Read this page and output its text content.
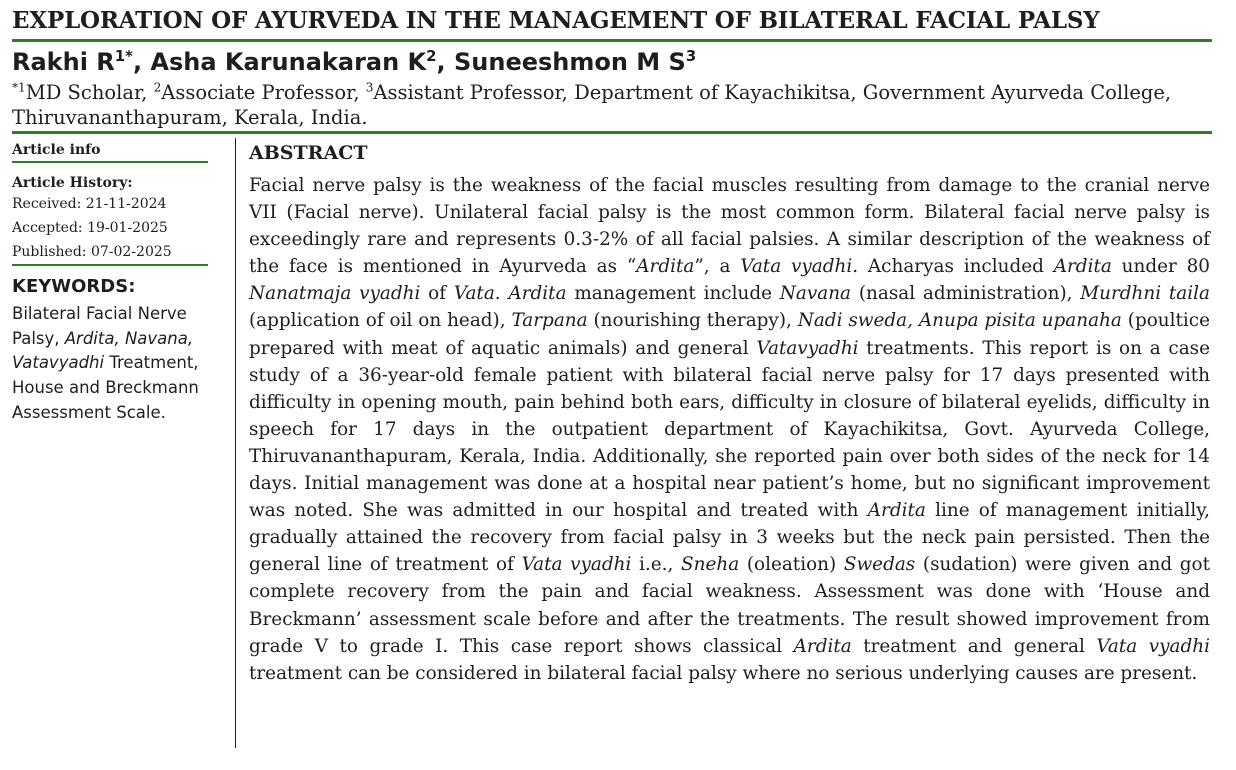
EXPLORATION OF AYURVEDA IN THE MANAGEMENT OF BILATERAL FACIAL PALSY
Rakhi $R^{1*}$, Asha Karunakaran $K^2$, Suneeshmon M $S^3$
$^{*1}$MD Scholar, $^2$Associate Professor, $^3$Assistant Professor, Department of Kayachikitsa, Government Ayurveda College, Thiruvananthapuram, Kerala, India.
Article info
Article History:
Received: 21-11-2024
Accepted: 19-01-2025
Published: 07-02-2025
KEYWORDS:
Bilateral Facial Nerve Palsy, Ardita, Navana, Vatavyadhi Treatment, House and Breckmann Assessment Scale.
ABSTRACT
Facial nerve palsy is the weakness of the facial muscles resulting from damage to the cranial nerve VII (Facial nerve). Unilateral facial palsy is the most common form. Bilateral facial nerve palsy is exceedingly rare and represents 0.3-2% of all facial palsies. A similar description of the weakness of the face is mentioned in Ayurveda as “Ardita”, a Vata vyadhi. Acharyas included Ardita under 80 Nanatmaja vyadhi of Vata. Ardita management include Navana (nasal administration), Murdhni taila (application of oil on head), Tarpana (nourishing therapy), Nadi sweda, Anupa pisita upanaha (poultice prepared with meat of aquatic animals) and general Vatavyadhi treatments. This report is on a case study of a 36-year-old female patient with bilateral facial nerve palsy for 17 days presented with difficulty in opening mouth, pain behind both ears, difficulty in closure of bilateral eyelids, difficulty in speech for 17 days in the outpatient department of Kayachikitsa, Govt. Ayurveda College, Thiruvananthapuram, Kerala, India. Additionally, she reported pain over both sides of the neck for 14 days. Initial management was done at a hospital near patient’s home, but no significant improvement was noted. She was admitted in our hospital and treated with Ardita line of management initially, gradually attained the recovery from facial palsy in 3 weeks but the neck pain persisted. Then the general line of treatment of Vata vyadhi i.e., Sneha (oleation) Swedas (sudation) were given and got complete recovery from the pain and facial weakness. Assessment was done with ‘House and Breckmann’ assessment scale before and after the treatments. The result showed improvement from grade V to grade I. This case report shows classical Ardita treatment and general Vata vyadhi treatment can be considered in bilateral facial palsy where no serious underlying causes are present.
